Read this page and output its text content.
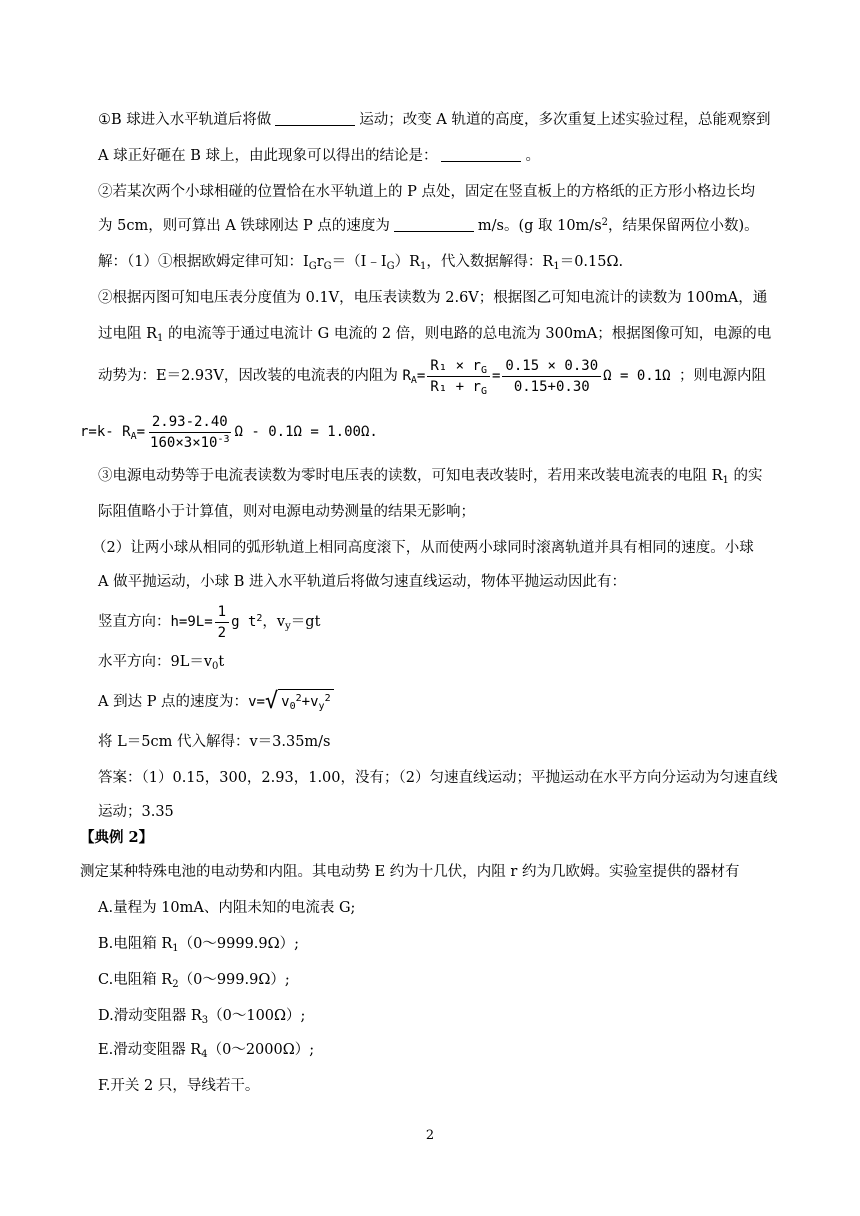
①B 球进入水平轨道后将做	运动；改变 A 轨道的高度，多次重复上述实验过程，总能观察到
A 球正好砸在 B 球上，由此现象可以得出的结论是：	。
②若某次两个小球相碰的位置恰在水平轨道上的 P 点处，固定在竖直板上的方格纸的正方形小格边长均
为 5cm，则可算出 A 铁球刚达 P 点的速度为	m/s。(g 取 $10m/s^2$，结果保留两位小数)。
解：（1）①根据欧姆定律可知：$I_Gr_G=(I﹣I_G)R_1$，代入数据解得：$R_1=0.15\Omega$.
②根据丙图可知电压表分度值为 0.1V，电压表读数为 2.6V；根据图乙可知电流计的读数为 100mA，通
过电阻 $R_1$ 的电流等于通过电流计 G 电流的 2 倍，则电路的总电流为 300mA；根据图像可知，电源的电
动势为：E＝2.93V，因改装的电流表的内阻为 $R_A= \frac{R_1 \times r_G}{R_1 + r_G} = \frac{0.15 \times 0.30}{0.15+0.30}$ Ω = 0.1Ω ；则电源内阻
r=k- $R_A= \frac{2.93-2.40}{160\times 3\times 10^{-3}}$ Ω - 0.1Ω = 1.00Ω.
③电源电动势等于电流表读数为零时电压表的读数，可知电表改装时，若用来改装电流表的电阻 $R_1$ 的实
际阻值略小于计算值，则对电源电动势测量的结果无影响；
（2）让两小球从相同的弧形轨道上相同高度滚下，从而使两小球同时滚离轨道并具有相同的速度。小球
A 做平抛运动，小球 B 进入水平轨道后将做匀速直线运动，物体平抛运动因此有：
竖直方向：$h=9L= \frac{1}{2}$ g $t^2$，$v_y=gt$
水平方向：$9L=v_0t$
A 到达 P 点的速度为：v= √ $v_0^2+v_y^2$
将 L＝5cm 代入解得：v＝3.35m/s
答案：（1）0.15，300，2.93，1.00，没有；（2）匀速直线运动；平抛运动在水平方向分运动为匀速直线
运动；3.35
【典例 2】
测定某种特殊电池的电动势和内阻。其电动势 E 约为十几伏，内阻 r 约为几欧姆。实验室提供的器材有
A.量程为 10mA、内阻未知的电流表 G;
B.电阻箱 $R_1(0\sim 9999.9\Omega)$;
C.电阻箱 $R_2(0\sim 999.9\Omega)$;
D.滑动变阻器 $R_3(0\sim 100\Omega)$;
E.滑动变阻器 $R_4(0\sim 2000\Omega)$;
F.开关 2 只，导线若干。
2
